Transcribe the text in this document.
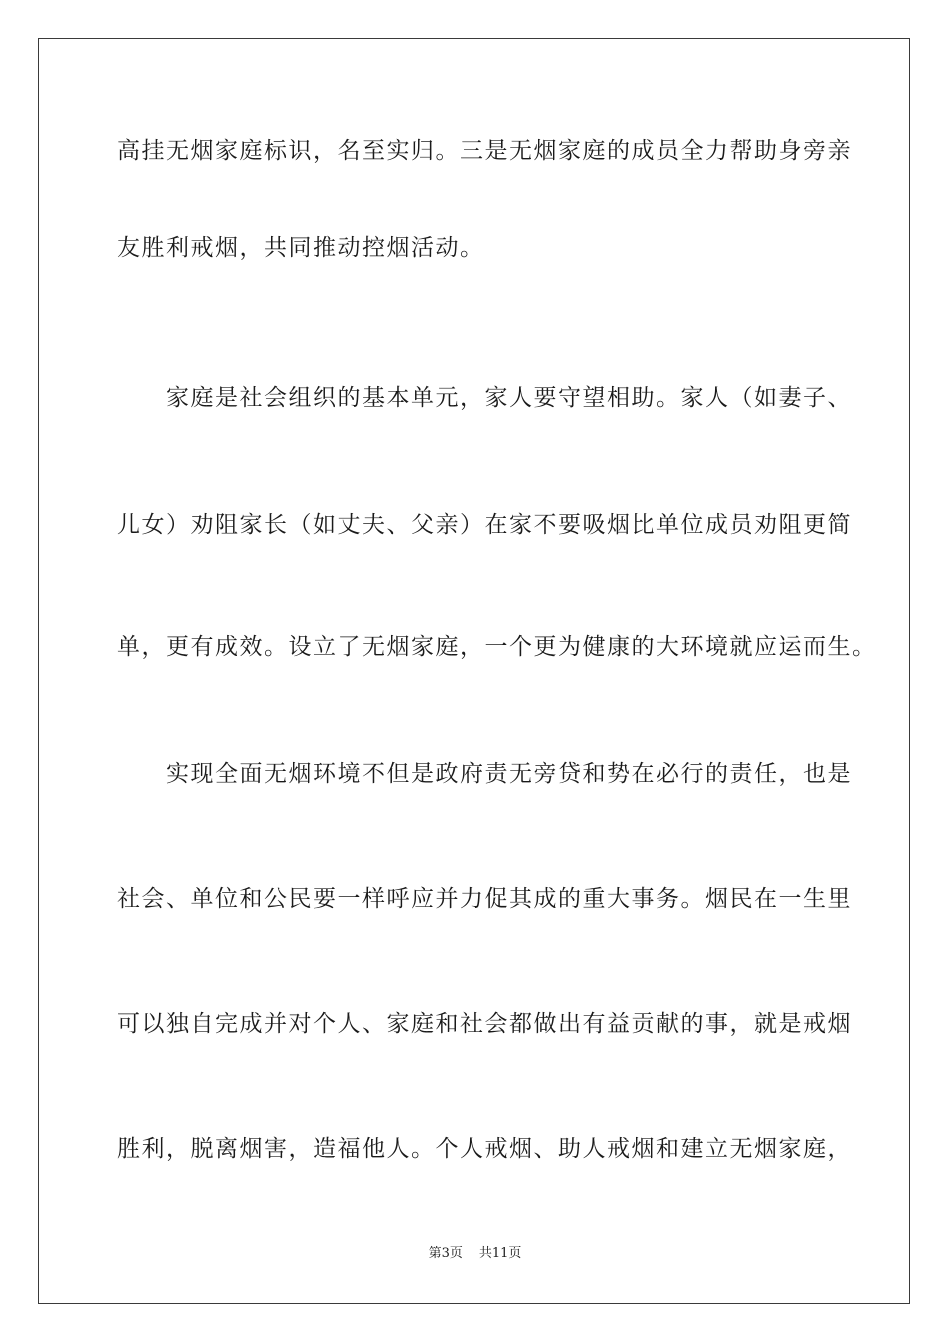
高挂无烟家庭标识，名至实归。三是无烟家庭的成员全力帮助身旁亲
友胜利戒烟，共同推动控烟活动。
　　家庭是社会组织的基本单元，家人要守望相助。家人（如妻子、
儿女）劝阻家长（如丈夫、父亲）在家不要吸烟比单位成员劝阻更简
单，更有成效。设立了无烟家庭，一个更为健康的大环境就应运而生。
　　实现全面无烟环境不但是政府责无旁贷和势在必行的责任，也是
社会、单位和公民要一样呼应并力促其成的重大事务。烟民在一生里
可以独自完成并对个人、家庭和社会都做出有益贡献的事，就是戒烟
胜利，脱离烟害，造福他人。个人戒烟、助人戒烟和建立无烟家庭，
第3页 共11页
